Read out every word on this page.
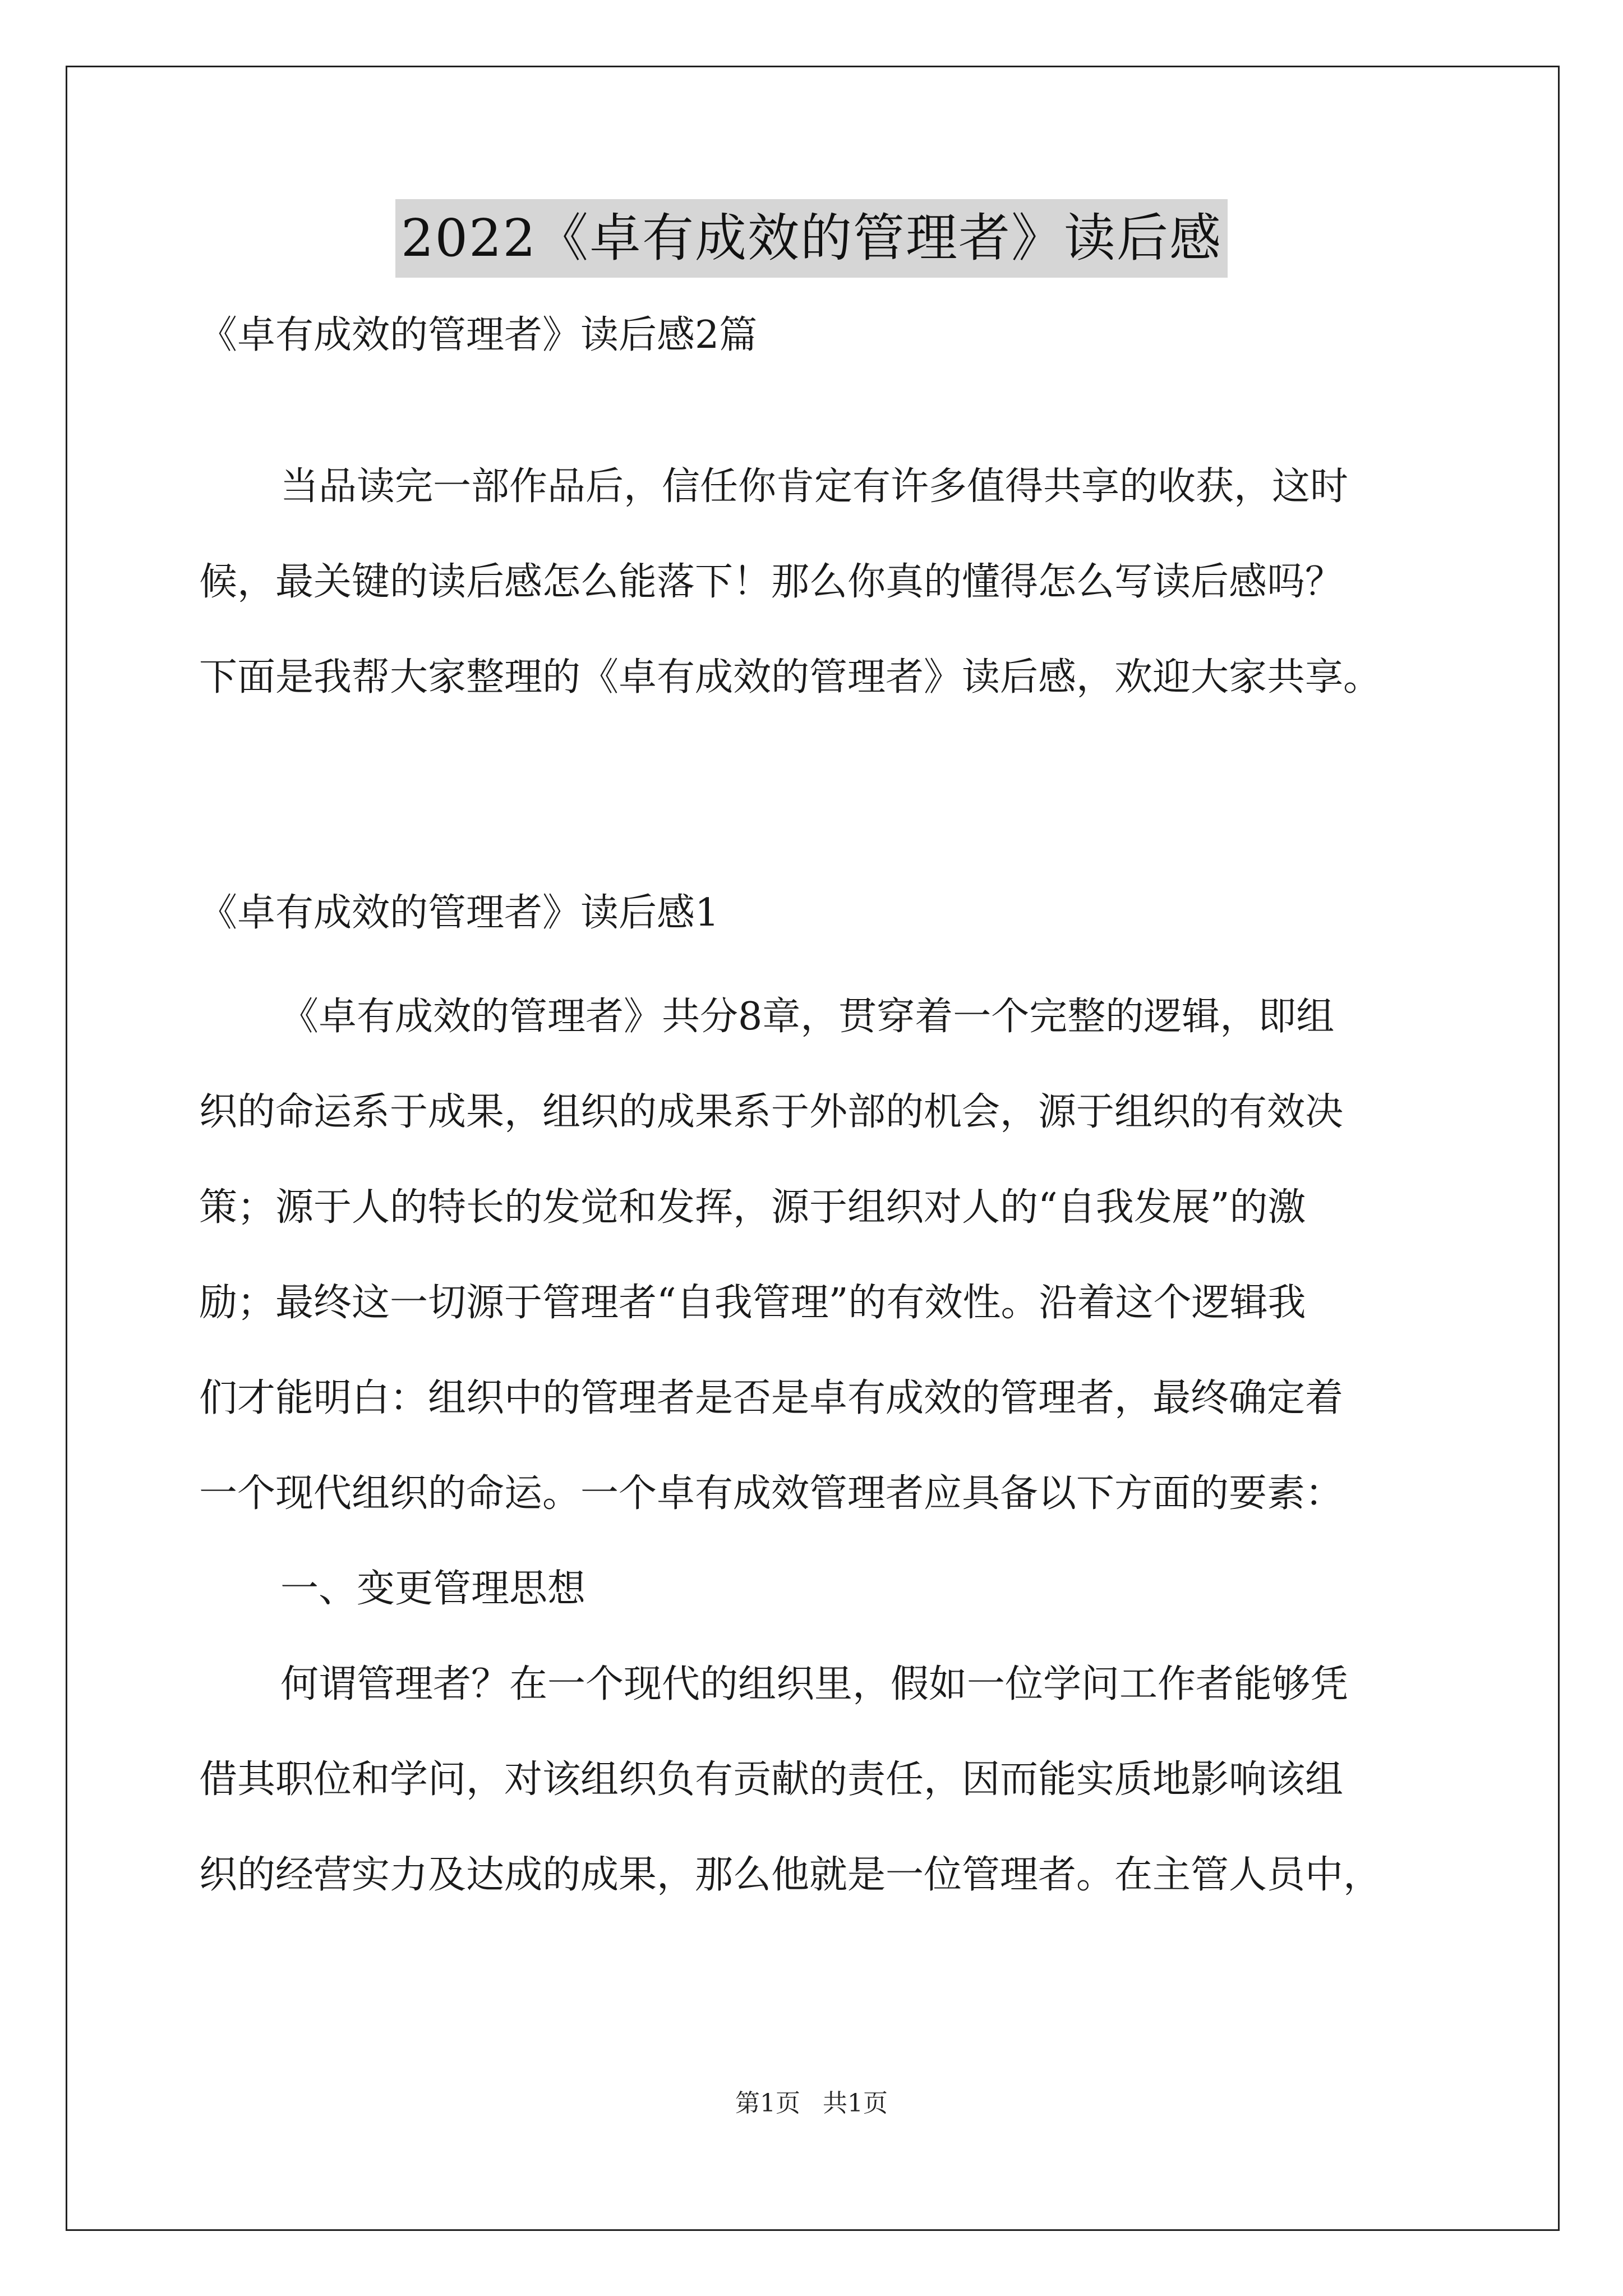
2022《卓有成效的管理者》读后感
《卓有成效的管理者》读后感2篇
当品读完一部作品后，信任你肯定有许多值得共享的收获，这时
候，最关键的读后感怎么能落下！那么你真的懂得怎么写读后感吗？
下面是我帮大家整理的《卓有成效的管理者》读后感，欢迎大家共享。
《卓有成效的管理者》读后感1
《卓有成效的管理者》共分8章，贯穿着一个完整的逻辑，即组
织的命运系于成果，组织的成果系于外部的机会，源于组织的有效决
策；源于人的特长的发觉和发挥，源于组织对人的“自我发展”的激
励；最终这一切源于管理者“自我管理”的有效性。沿着这个逻辑我
们才能明白：组织中的管理者是否是卓有成效的管理者，最终确定着
一个现代组织的命运。一个卓有成效管理者应具备以下方面的要素：
一、变更管理思想
何谓管理者？在一个现代的组织里，假如一位学问工作者能够凭
借其职位和学问，对该组织负有贡献的责任，因而能实质地影响该组
织的经营实力及达成的成果，那么他就是一位管理者。在主管人员中，
第1页 共1页
